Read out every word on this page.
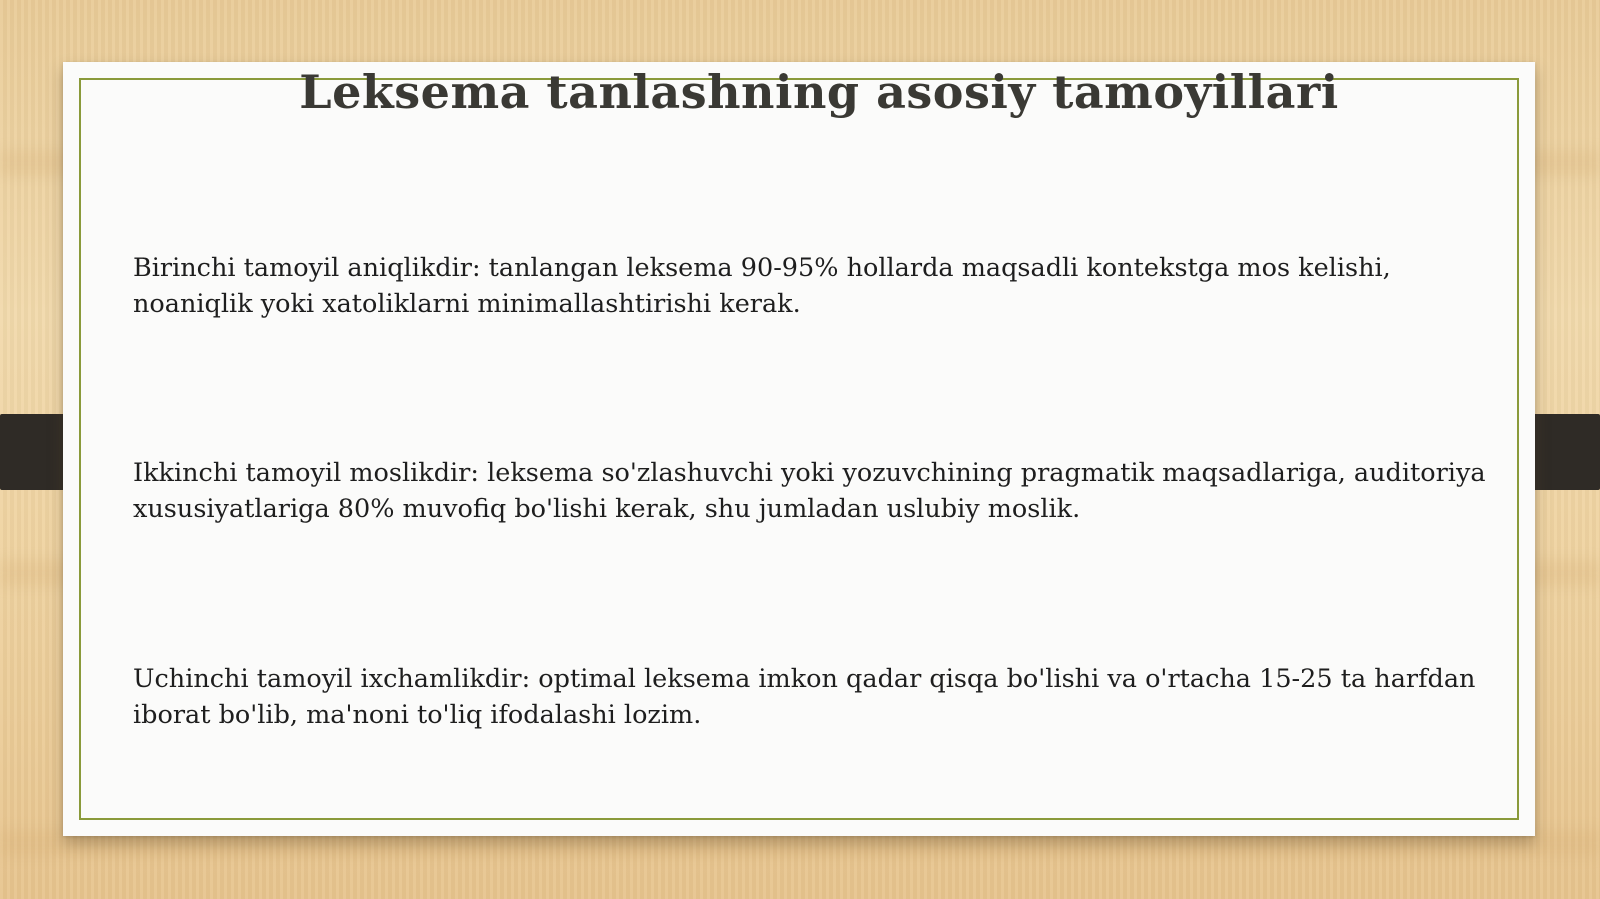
Leksema tanlashning asosiy tamoyillari

Birinchi tamoyil aniqlikdir: tanlangan leksema 90-95% hollarda maqsadli kontekstga mos kelishi, noaniqlik yoki xatoliklarni minimallashtirishi kerak.

Ikkinchi tamoyil moslikdir: leksema so'zlashuvchi yoki yozuvchining pragmatik maqsadlariga, auditoriya xususiyatlariga 80% muvofiq bo'lishi kerak, shu jumladan uslubiy moslik.

Uchinchi tamoyil ixchamlikdir: optimal leksema imkon qadar qisqa bo'lishi va o'rtacha 15-25 ta harfdan iborat bo'lib, ma'noni to'liq ifodalashi lozim.
